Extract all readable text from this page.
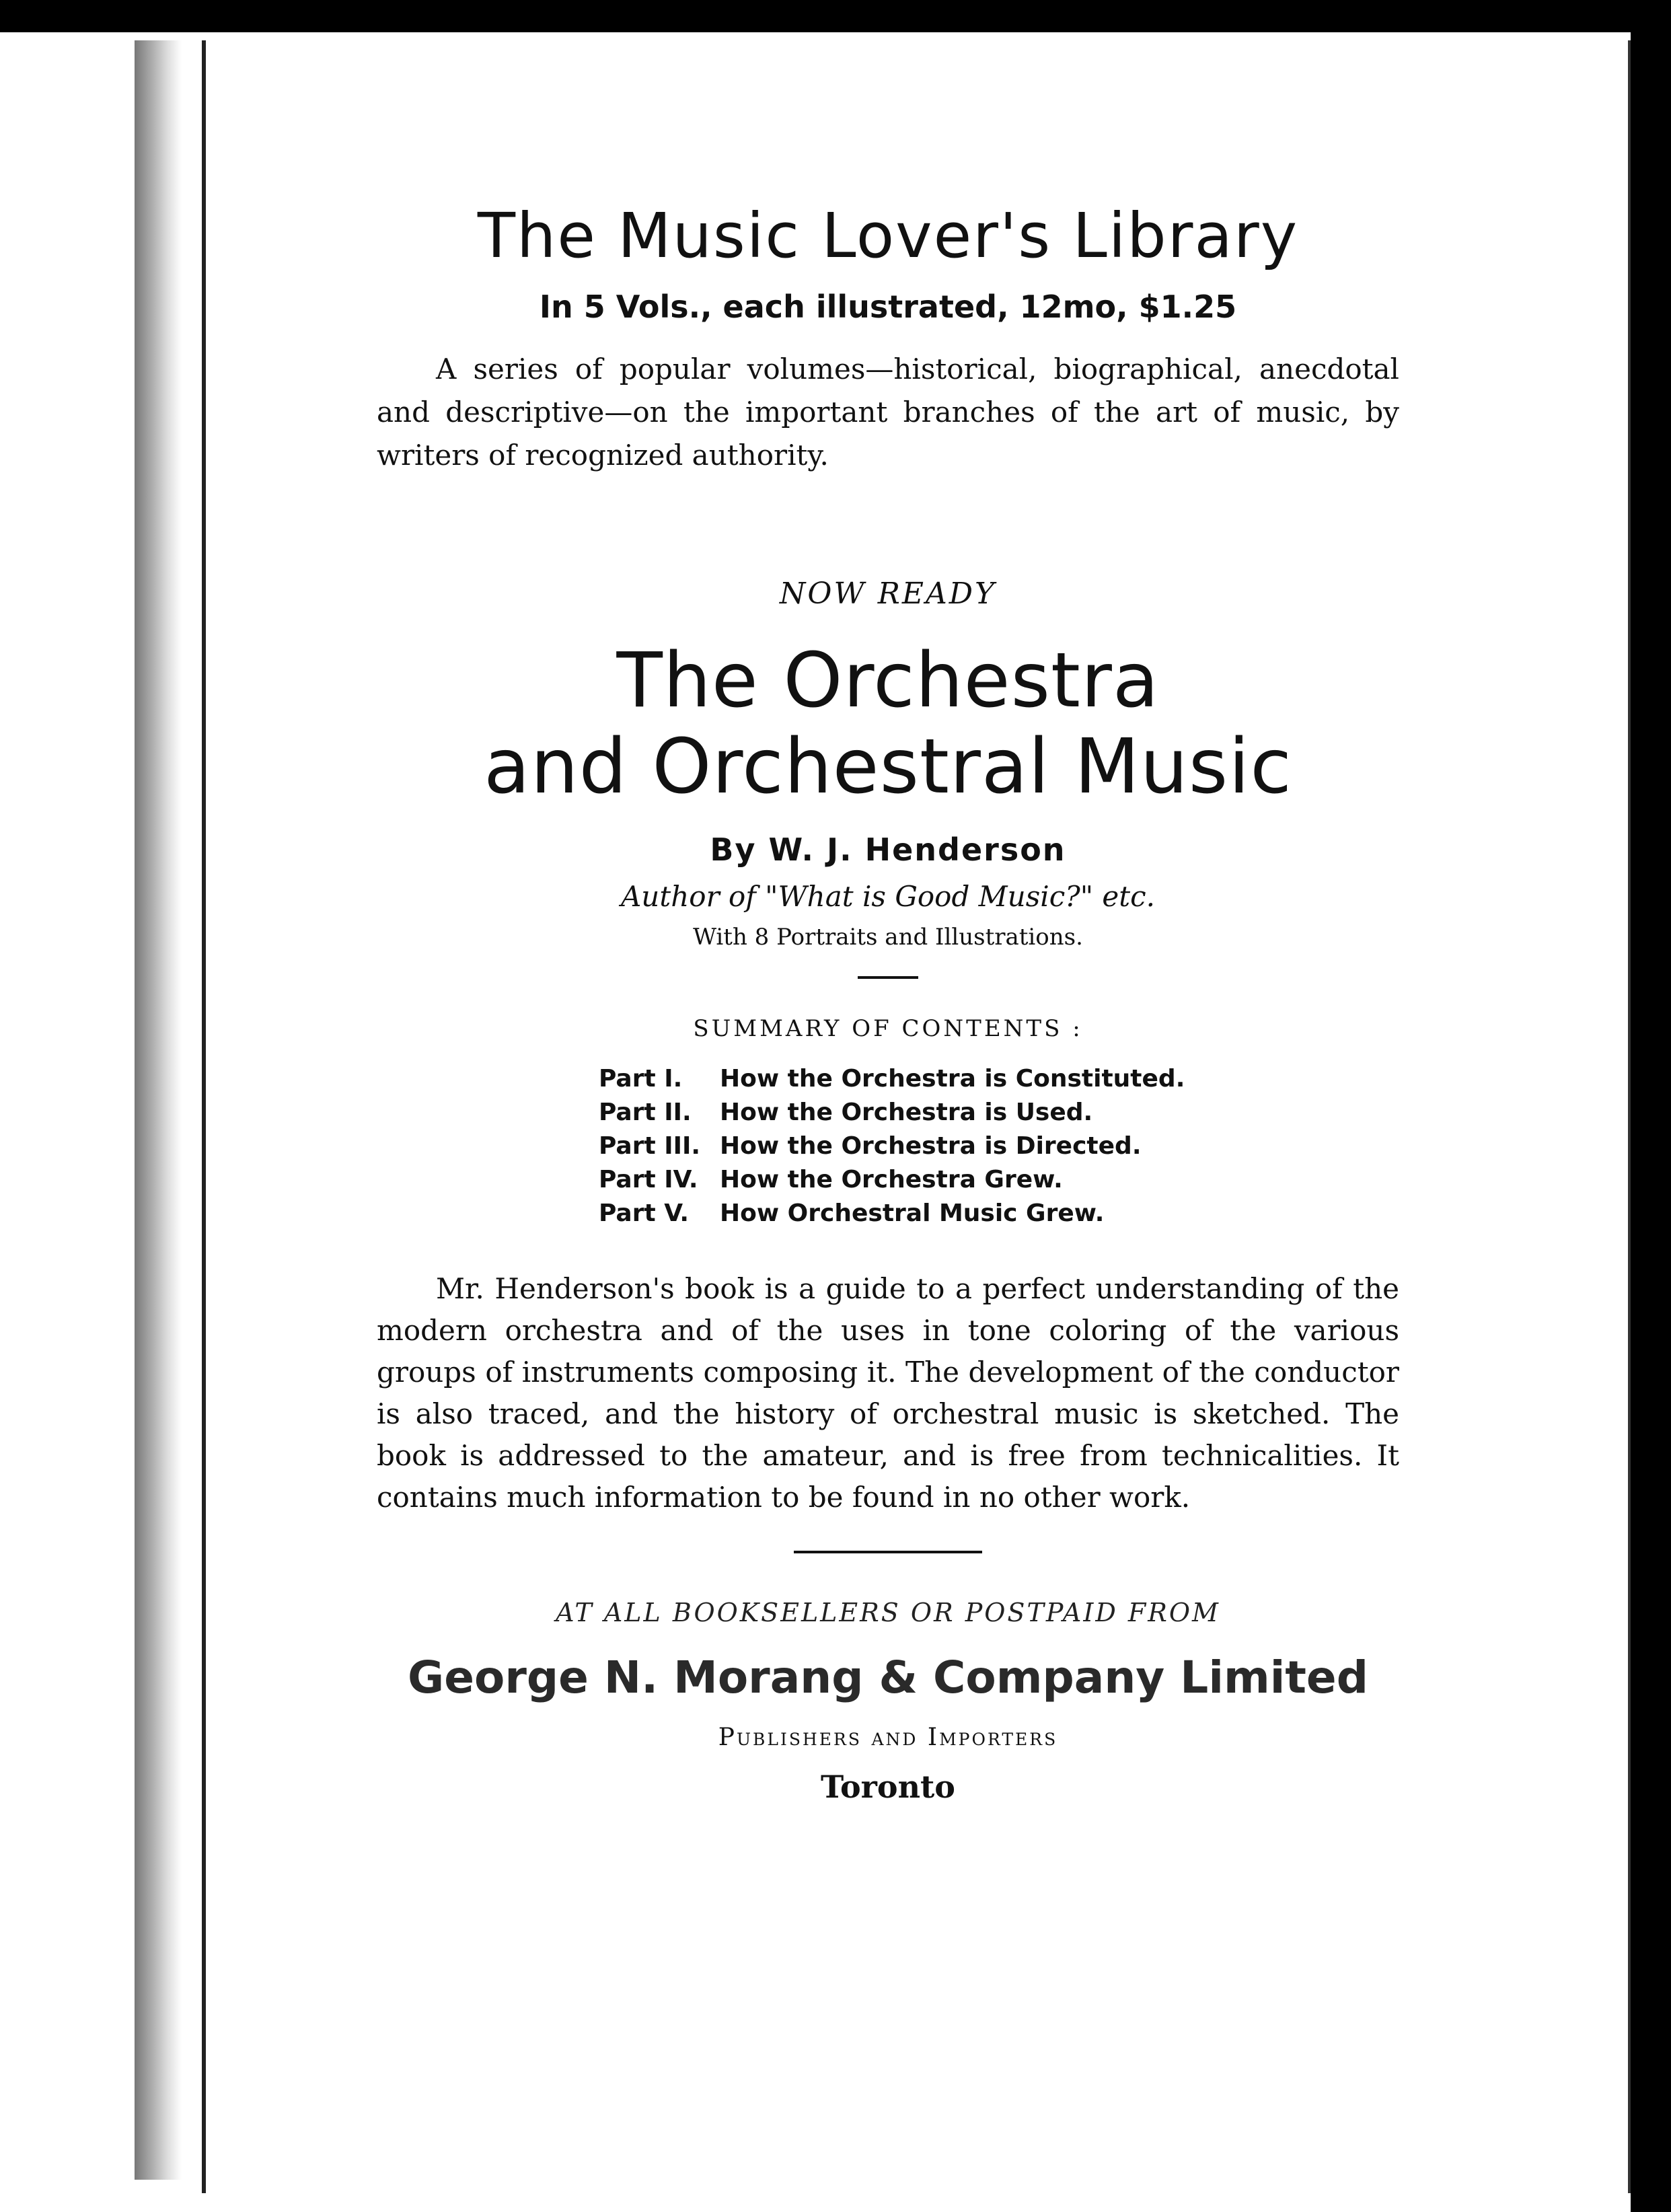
The Music Lover's Library

In 5 Vols., each illustrated, 12mo, $1.25

A series of popular volumes—historical, biographical, anecdotal and descriptive—on the important branches of the art of music, by writers of recognized authority.

NOW READY

The Orchestra
and Orchestral Music

By W. J. Henderson

Author of "What is Good Music?" etc.

With 8 Portraits and Illustrations.

SUMMARY OF CONTENTS :

Part I.	How the Orchestra is Constituted.
Part II.	How the Orchestra is Used.
Part III. How the Orchestra is Directed.
Part IV. How the Orchestra Grew.
Part V.	How Orchestral Music Grew.

Mr. Henderson's book is a guide to a perfect understanding of the modern orchestra and of the uses in tone coloring of the various groups of instruments composing it. The development of the conductor is also traced, and the history of orchestral music is sketched. The book is addressed to the amateur, and is free from technicalities. It contains much information to be found in no other work.

AT ALL BOOKSELLERS OR POSTPAID FROM

George N. Morang & Company Limited

Publishers and Importers

Toronto
